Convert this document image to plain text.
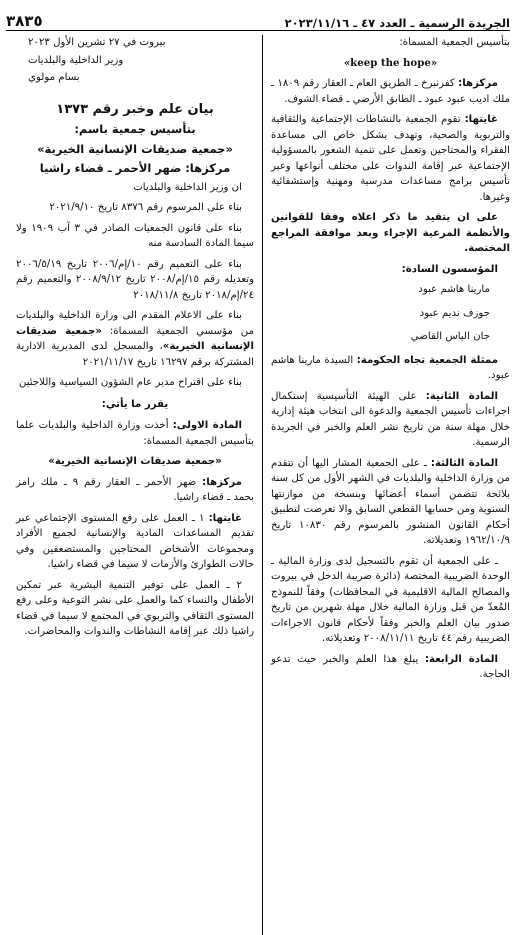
الجريدة الرسمية ـ العدد ٤٧ ـ ٢٠٢٣/١١/١٦
٣٨٣٥

بتأسيس الجمعية المسماة:

«keep the hope»

مركزها: كفرنبرخ ـ الطريق العام ـ العقار رقم ١٨٠٩ ـ ملك اديب عبود عبود ـ الطابق الأرضي ـ قضاء الشوف.

غايتها: تقوم الجمعية بالنشاطات الإجتماعية والثقافية والتربوية والصحية، وتهدف بشكل خاص الى مساعدة الفقراء والمحتاجين وتعمل على تنمية الشعور بالمسؤولية الإجتماعية عبر إقامة الندوات على مختلف أنواعها وعبر تأسيس برامج مساعدات مدرسية ومهنية وإستشفائية وغيرها.

على ان يتقيد ما ذكر اعلاه وفقا للقوانين والأنظمة المرعية الإجراء وبعد موافقة المراجع المختصة.

المؤسسون السادة:

مارينا هاشم عبود

جوزف نديم عبود

جان الياس القاضي

ممثلة الجمعية تجاه الحكومة: السيدة مارينا هاشم عبود.

المادة الثانية: على الهيئة التأسيسية إستكمال اجراءات تأسيس الجمعية والدعوة الى انتخاب هيئة إدارية خلال مهلة سنة من تاريخ نشر العلم والخبر في الجريدة الرسمية.

المادة الثالثة: ـ على الجمعية المشار اليها أن تتقدم من وزارة الداخلية والبلديات في الشهر الأول من كل سنة بلائحة تتضمن أسماء أعضائها وبنسخة من موازنتها السنوية ومن حسابها القطعي السابق والا تعرضت لتطبيق أحكام القانون المنشور بالمرسوم رقم ١٠٨٣٠ تاريخ ١٩٦٢/١٠/٩ وتعديلاته.

ـ على الجمعية أن تقوم بالتسجيل لدى وزارة المالية ـ الوحدة الضريبية المختصة (دائرة ضريبة الدخل في بيروت والمصالح المالية الاقليمية في المحافظات) وفقاً للنموذج المُعدّ من قبل وزارة المالية خلال مهلة شهرين من تاريخ صدور بيان العلم والخبر وفقاً لأحكام قانون الاجراءات الضريبية رقم ٤٤ تاريخ ٢٠٠٨/١١/١١ وتعديلاته.

المادة الرابعة: يبلغ هذا العلم والخبر حيث تدعو الحاجة.

بيروت في ٢٧ تشرين الأول ٢٠٢٣

وزير الداخلية والبلديات

بسام مولوي

بيان علم وخبر رقم ١٣٧٣

بتأسيس جمعية باسم:

«جمعية صديقات الإنسانية الخيرية»

مركزها: ضهر الأحمر ـ قضاء راشيا

ان وزير الداخلية والبلديات

بناء على المرسوم رقم ٨٣٧٦ تاريخ ٢٠٢١/٩/١٠

بناء على قانون الجمعيات الصادر في ٣ آب ١٩٠٩ ولا سيما المادة السادسة منه

بناء على التعميم رقم ١٠/إم/٢٠٠٦ تاريخ ٢٠٠٦/٥/١٩ وتعديله رقم ١٥/إم/٢٠٠٨ تاريخ ٢٠٠٨/٩/١٢ والتعميم رقم ٢٤/إم/٢٠١٨ تاريخ ٢٠١٨/١١/٨

بناء على الاعلام المقدم الى وزارة الداخلية والبلديات من مؤسسي الجمعية المسماة: «جمعية صديقات الإنسانية الخيرية»، والمسجل لدى المديرية الادارية المشتركة برقم ١٦٢٩٧ تاريخ ٢٠٢١/١١/١٧

بناء على اقتراح مدير عام الشؤون السياسية واللاجئين

يقرر ما يأتي:

المادة الاولى: أخذت وزارة الداخلية والبلديات علما بتأسيس الجمعية المسماة:

«جمعية صديقات الإنسانية الخيرية»

مركزها: ضهر الأحمر ـ العقار رقم ٩ ـ ملك رامز بحمد ـ قضاء راشيا.

غايتها: ١ ـ العمل على رفع المستوى الإجتماعي عبر تقديم المساعدات المادية والإنسانية لجميع الأفراد ومجموعات الأشخاص المحتاجين والمستضعفين وفي حالات الطوارئ والأزمات لا سيما في قضاء راشيا.

٢ ـ العمل على توفير التنمية البشرية عبر تمكين الأطفال والنساء كما والعمل على نشر التوعية وعلى رفع المستوى الثقافي والتربوي في المجتمع لا سيما في قضاء راشيا ذلك عبر إقامة النشاطات والندوات والمحاضرات.
